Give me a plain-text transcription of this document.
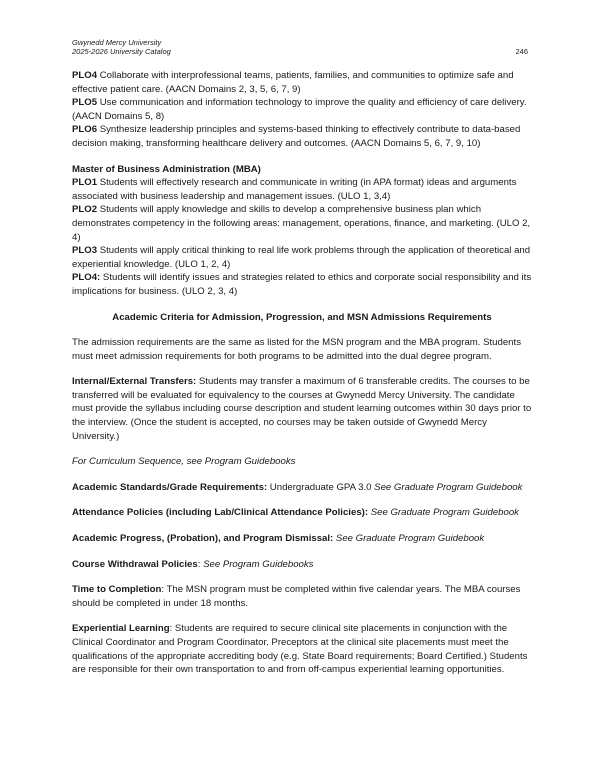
Gwynedd Mercy University
2025-2026 University Catalog	246

PLO4 Collaborate with interprofessional teams, patients, families, and communities to optimize safe and effective patient care. (AACN Domains 2, 3, 5, 6, 7, 9)

PLO5 Use communication and information technology to improve the quality and efficiency of care delivery. (AACN Domains 5, 8)

PLO6 Synthesize leadership principles and systems-based thinking to effectively contribute to data-based decision making, transforming healthcare delivery and outcomes. (AACN Domains 5, 6, 7, 9, 10)

Master of Business Administration (MBA)

PLO1 Students will effectively research and communicate in writing (in APA format) ideas and arguments associated with business leadership and management issues. (ULO 1, 3,4)

PLO2 Students will apply knowledge and skills to develop a comprehensive business plan which demonstrates competency in the following areas: management, operations, finance, and marketing. (ULO 2, 4)

PLO3 Students will apply critical thinking to real life work problems through the application of theoretical and experiential knowledge. (ULO 1, 2, 4)

PLO4: Students will identify issues and strategies related to ethics and corporate social responsibility and its implications for business. (ULO 2, 3, 4)

Academic Criteria for Admission, Progression, and MSN Admissions Requirements

The admission requirements are the same as listed for the MSN program and the MBA program. Students must meet admission requirements for both programs to be admitted into the dual degree program.

Internal/External Transfers: Students may transfer a maximum of 6 transferable credits. The courses to be transferred will be evaluated for equivalency to the courses at Gwynedd Mercy University. The candidate must provide the syllabus including course description and student learning outcomes within 30 days prior to the interview. (Once the student is accepted, no courses may be taken outside of Gwynedd Mercy University.)

For Curriculum Sequence, see Program Guidebooks

Academic Standards/Grade Requirements: Undergraduate GPA 3.0 See Graduate Program Guidebook

Attendance Policies (including Lab/Clinical Attendance Policies): See Graduate Program Guidebook

Academic Progress, (Probation), and Program Dismissal: See Graduate Program Guidebook

Course Withdrawal Policies: See Program Guidebooks

Time to Completion: The MSN program must be completed within five calendar years. The MBA courses should be completed in under 18 months.

Experiential Learning: Students are required to secure clinical site placements in conjunction with the Clinical Coordinator and Program Coordinator. Preceptors at the clinical site placements must meet the qualifications of the appropriate accrediting body (e.g. State Board requirements; Board Certified.) Students are responsible for their own transportation to and from off-campus experiential learning opportunities.
